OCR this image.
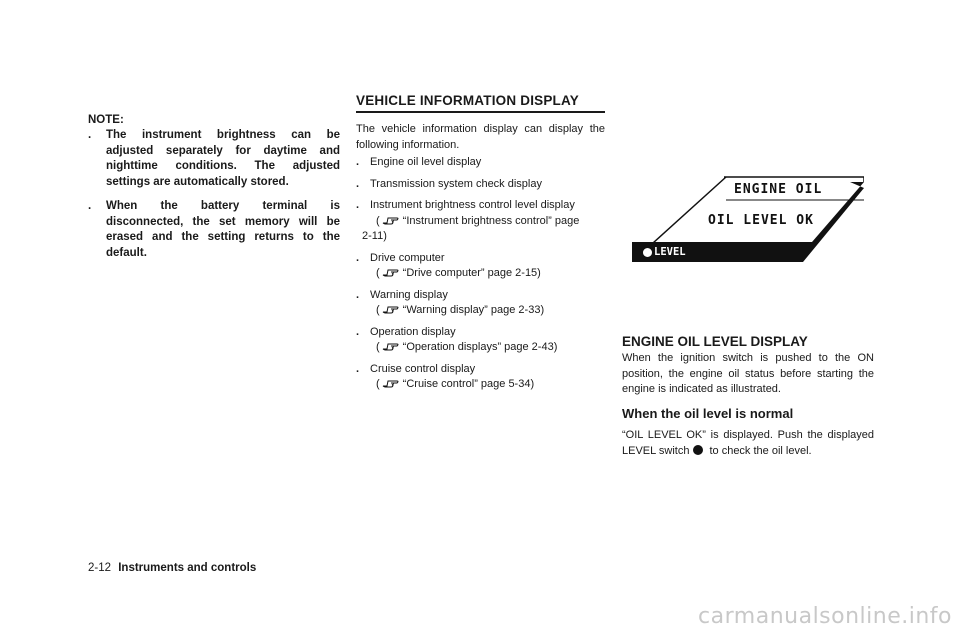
NOTE:
. The instrument brightness can be adjusted separately for daytime and nighttime conditions. The adjusted settings are automatically stored.
. When the battery terminal is disconnected, the set memory will be erased and the setting returns to the default.
VEHICLE INFORMATION DISPLAY

The vehicle information display can display the following information.

. Engine oil level display
. Transmission system check display
. Instrument brightness control level display
( “Instrument brightness control” page
2-11)
. Drive computer
( “Drive computer” page 2-15)
. Warning display
( “Warning display” page 2-33)
. Operation display
( “Operation displays” page 2-43)
. Cruise control display
( “Cruise control” page 5-34)
ENGINE OIL
OIL LEVEL OK
LEVEL
ENGINE OIL LEVEL DISPLAY

When the ignition switch is pushed to the ON position, the engine oil status before starting the engine is indicated as illustrated.

When the oil level is normal

“OIL LEVEL OK” is displayed. Push the displayed LEVEL switch to check the oil level.

2-12 Instruments and controls
carmanualsonline.info
